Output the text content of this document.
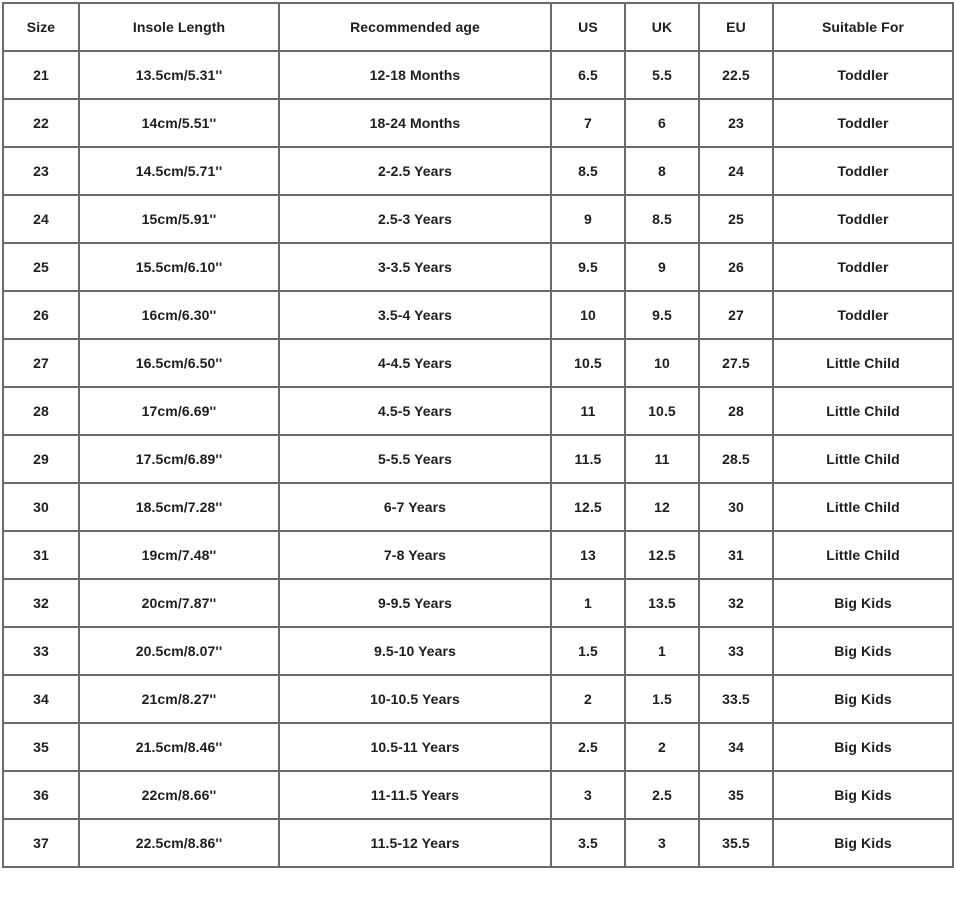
Size	Insole Length	Recommended age	US	UK	EU	Suitable For
21	13.5cm/5.31''	12-18 Months	6.5	5.5	22.5	Toddler
22	14cm/5.51''	18-24 Months	7	6	23	Toddler
23	14.5cm/5.71''	2-2.5 Years	8.5	8	24	Toddler
24	15cm/5.91''	2.5-3 Years	9	8.5	25	Toddler
25	15.5cm/6.10''	3-3.5 Years	9.5	9	26	Toddler
26	16cm/6.30''	3.5-4 Years	10	9.5	27	Toddler
27	16.5cm/6.50''	4-4.5 Years	10.5	10	27.5	Little Child
28	17cm/6.69''	4.5-5 Years	11	10.5	28	Little Child
29	17.5cm/6.89''	5-5.5 Years	11.5	11	28.5	Little Child
30	18.5cm/7.28''	6-7 Years	12.5	12	30	Little Child
31	19cm/7.48''	7-8 Years	13	12.5	31	Little Child
32	20cm/7.87''	9-9.5 Years	1	13.5	32	Big Kids
33	20.5cm/8.07''	9.5-10 Years	1.5	1	33	Big Kids
34	21cm/8.27''	10-10.5 Years	2	1.5	33.5	Big Kids
35	21.5cm/8.46''	10.5-11 Years	2.5	2	34	Big Kids
36	22cm/8.66''	11-11.5 Years	3	2.5	35	Big Kids
37	22.5cm/8.86''	11.5-12 Years	3.5	3	35.5	Big Kids
